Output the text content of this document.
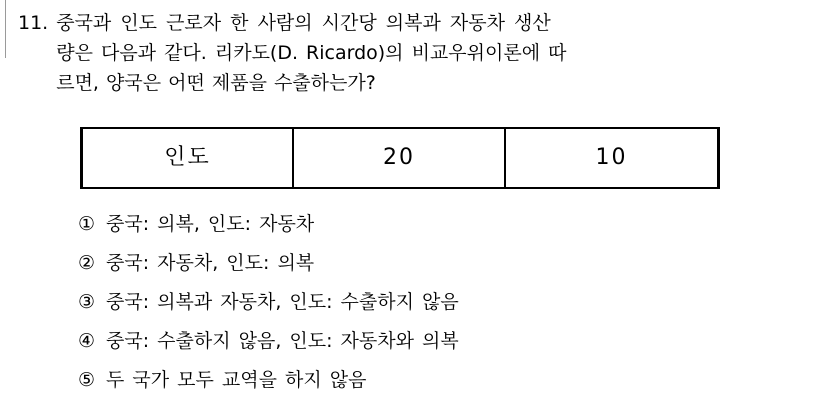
11. 중국과 인도 근로자 한 사람의 시간당 의복과 자동차 생산
량은 다음과 같다. 리카도(D. Ricardo)의 비교우위이론에 따
르면, 양국은 어떤 제품을 수출하는가?
인도	20	10
① 중국: 의복, 인도: 자동차
② 중국: 자동차, 인도: 의복
③ 중국: 의복과 자동차, 인도: 수출하지 않음
④ 중국: 수출하지 않음, 인도: 자동차와 의복
⑤ 두 국가 모두 교역을 하지 않음
